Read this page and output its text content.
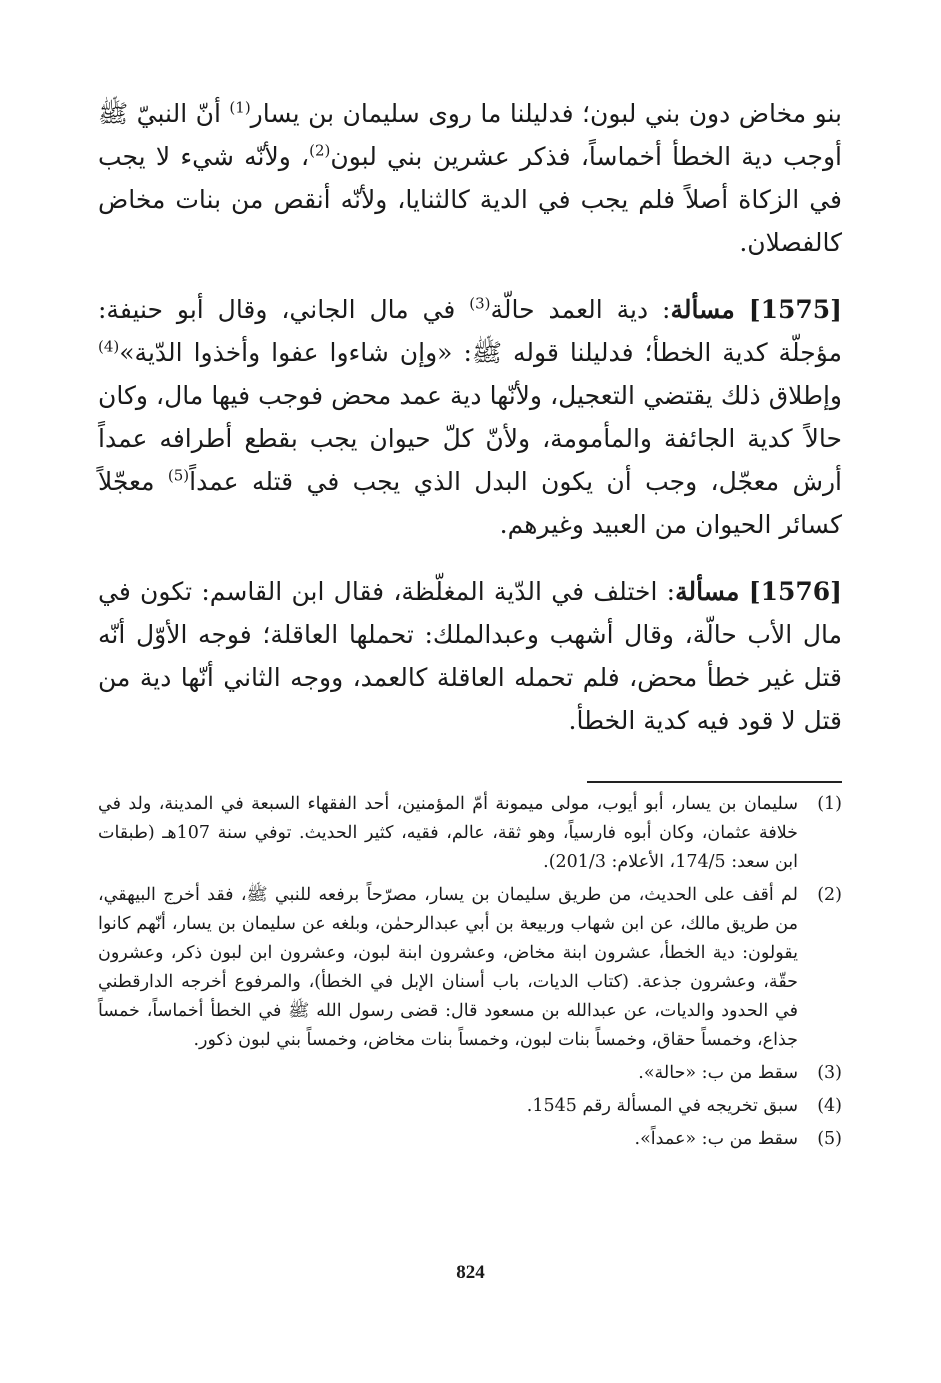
بنو مخاض دون بني لبون؛ فدليلنا ما روى سليمان بن يسار$^{(1)}$ أنّ النبيّ ﷺ أوجب دية الخطأ أخماساً، فذكر عشرين بني لبون$^{(2)}$، ولأنّه شيء لا يجب في الزكاة أصلاً فلم يجب في الدية كالثنايا، ولأنّه أنقص من بنات مخاض كالفصلان.

[1575] مسألة: دية العمد حالّة$^{(3)}$ في مال الجاني، وقال أبو حنيفة: مؤجلّة كدية الخطأ؛ فدليلنا قوله ﷺ: «وإن شاءوا عفوا وأخذوا الدّية»$^{(4)}$ وإطلاق ذلك يقتضي التعجيل، ولأنّها دية عمد محض فوجب فيها مال، وكان حالاً كدية الجائفة والمأمومة، ولأنّ كلّ حيوان يجب بقطع أطرافه عمداً أرش معجّل، وجب أن يكون البدل الذي يجب في قتله عمداً$^{(5)}$ معجّلاً كسائر الحيوان من العبيد وغيرهم.

[1576] مسألة: اختلف في الدّية المغلّظة، فقال ابن القاسم: تكون في مال الأب حالّة، وقال أشهب وعبدالملك: تحملها العاقلة؛ فوجه الأوّل أنّه قتل غير خطأ محض، فلم تحمله العاقلة كالعمد، ووجه الثاني أنّها دية من قتل لا قود فيه كدية الخطأ.

(1)
سليمان بن يسار، أبو أيوب، مولى ميمونة أمّ المؤمنين، أحد الفقهاء السبعة في المدينة، ولد في خلافة عثمان، وكان أبوه فارسياً، وهو ثقة، عالم، فقيه، كثير الحديث. توفي سنة 107هـ (طبقات ابن سعد: 174/5، الأعلام: 201/3).
(2)
لم أقف على الحديث، من طريق سليمان بن يسار، مصرّحاً برفعه للنبي ﷺ، فقد أخرج البيهقي، من طريق مالك، عن ابن شهاب وربيعة بن أبي عبدالرحمٰن، وبلغه عن سليمان بن يسار، أنّهم كانوا يقولون: دية الخطأ، عشرون ابنة مخاض، وعشرون ابنة لبون، وعشرون ابن لبون ذكر، وعشرون حقّة، وعشرون جذعة. (كتاب الديات، باب أسنان الإبل في الخطأ)، والمرفوع أخرجه الدارقطني في الحدود والديات، عن عبدالله بن مسعود قال: قضى رسول الله ﷺ في الخطأ أخماساً، خمساً جذاع، وخمساً حقاق، وخمساً بنات لبون، وخمساً بنات مخاض، وخمساً بني لبون ذكور.
(3)
سقط من ب: «حالة».
(4)
سبق تخريجه في المسألة رقم 1545.
(5)
سقط من ب: «عمداً».
824
